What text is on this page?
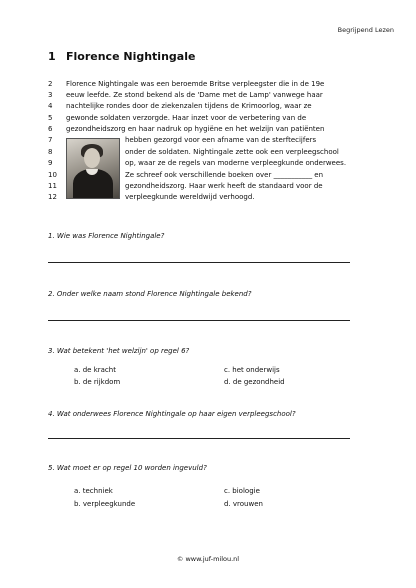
Begrijpend Lezen
1 Florence Nightingale
2
3
4
5
6
7
8
9
10
11
12
Florence Nightingale was een beroemde Britse verpleegster die in de 19e
eeuw leefde. Ze stond bekend als de 'Dame met de Lamp' vanwege haar
nachtelijke rondes door de ziekenzalen tijdens de Krimoorlog, waar ze
gewonde soldaten verzorgde. Haar inzet voor de verbetering van de
gezondheidszorg en haar nadruk op hygiëne en het welzijn van patiënten
hebben gezorgd voor een afname van de sterftecijfers
onder de soldaten. Nightingale zette ook een verpleegschool
op, waar ze de regels van moderne verpleegkunde onderwees.
Ze schreef ook verschillende boeken over ___________ en
gezondheidszorg. Haar werk heeft de standaard voor de
verpleegkunde wereldwijd verhoogd.
1. Wie was Florence Nightingale?
2. Onder welke naam stond Florence Nightingale bekend?
3. Wat betekent 'het welzijn' op regel 6?
a. de kracht
b. de rijkdom
c. het onderwijs
d. de gezondheid
4. Wat onderwees Florence Nightingale op haar eigen verpleegschool?
5. Wat moet er op regel 10 worden ingevuld?
a. techniek
b. verpleegkunde
c. biologie
d. vrouwen
© www.juf-milou.nl
